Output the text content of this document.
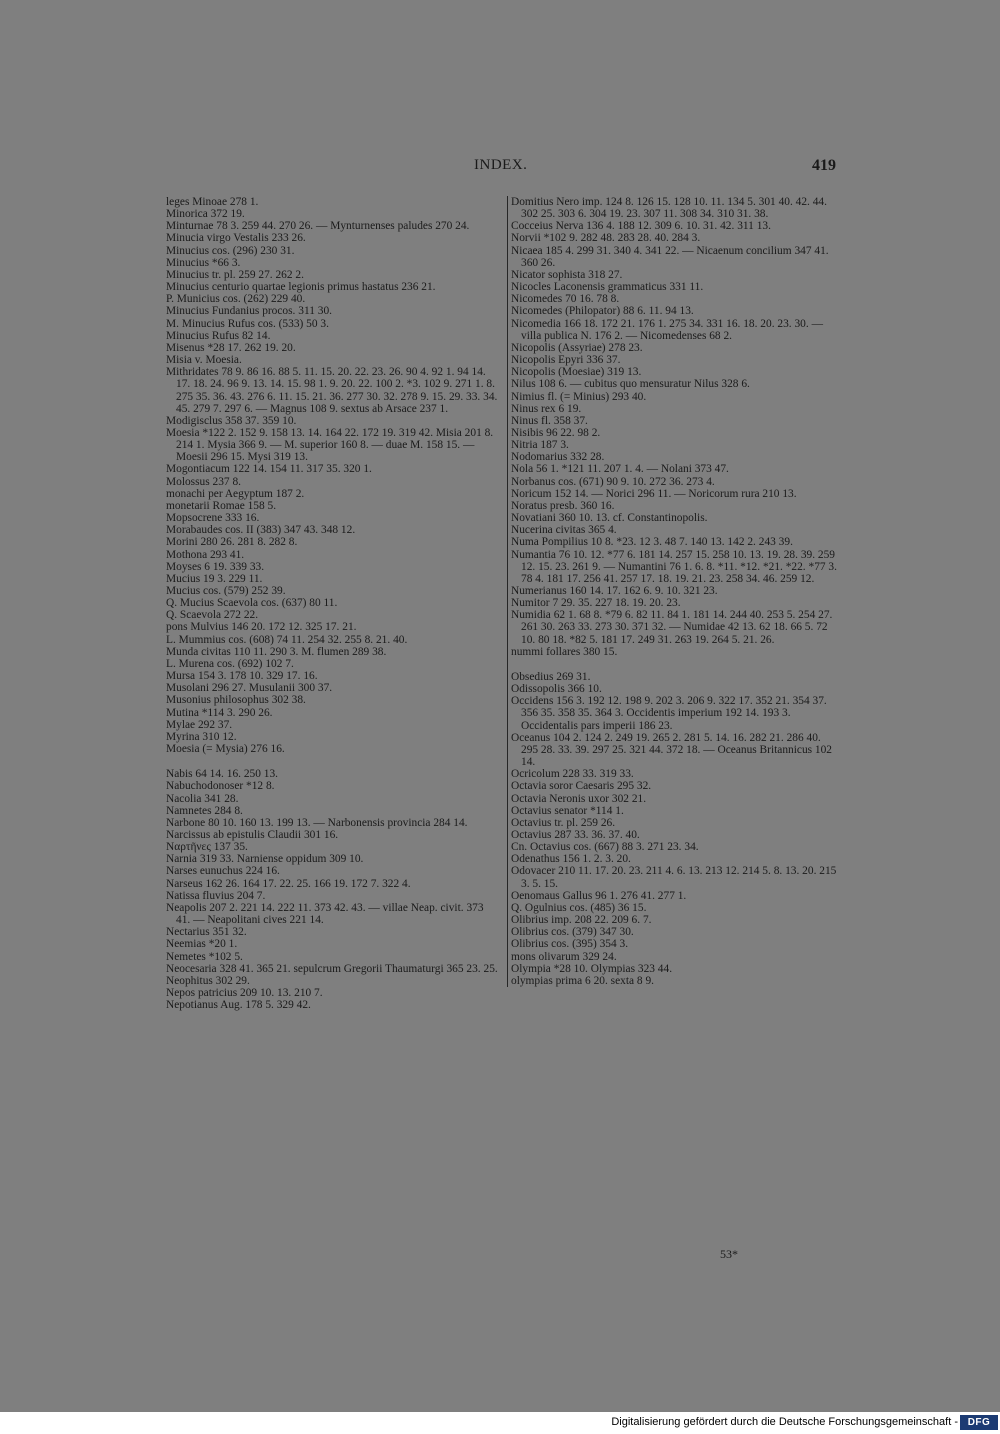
INDEX.	419
leges Minoae 278 1.
Minorica 372 19.
Minturnae 78 3. 259 44. 270 26. — Mynturnenses paludes 270 24.
Minucia virgo Vestalis 233 26.
Minucius cos. (296) 230 31.
Minucius *66 3.
Minucius tr. pl. 259 27. 262 2.
Minucius centurio quartae legionis primus hastatus 236 21.
P. Municius cos. (262) 229 40.
Minucius Fundanius procos. 311 30.
M. Minucius Rufus cos. (533) 50 3.
Minucius Rufus 82 14.
Misenus *28 17. 262 19. 20.
Misia v. Moesia.
Mithridates 78 9. 86 16. 88 5. 11. 15. 20. 22. 23. 26. 90 4. 92 1. 94 14. 17. 18. 24. 96 9. 13. 14. 15. 98 1. 9. 20. 22. 100 2. *3. 102 9. 271 1. 8. 275 35. 36. 43. 276 6. 11. 15. 21. 36. 277 30. 32. 278 9. 15. 29. 33. 34. 45. 279 7. 297 6. — Magnus 108 9. sextus ab Arsace 237 1.
Modigisclus 358 37. 359 10.
Moesia *122 2. 152 9. 158 13. 14. 164 22. 172 19. 319 42. Misia 201 8. 214 1. Mysia 366 9. — M. superior 160 8. — duae M. 158 15. — Moesii 296 15. Mysi 319 13.
Mogontiacum 122 14. 154 11. 317 35. 320 1.
Molossus 237 8.
monachi per Aegyptum 187 2.
monetarii Romae 158 5.
Mopsocrene 333 16.
Morabaudes cos. II (383) 347 43. 348 12.
Morini 280 26. 281 8. 282 8.
Mothona 293 41.
Moyses 6 19. 339 33.
Mucius 19 3. 229 11.
Mucius cos. (579) 252 39.
Q. Mucius Scaevola cos. (637) 80 11.
Q. Scaevola 272 22.
pons Mulvius 146 20. 172 12. 325 17. 21.
L. Mummius cos. (608) 74 11. 254 32. 255 8. 21. 40.
Munda civitas 110 11. 290 3. M. flumen 289 38.
L. Murena cos. (692) 102 7.
Mursa 154 3. 178 10. 329 17. 16.
Musolani 296 27. Musulanii 300 37.
Musonius philosophus 302 38.
Mutina *114 3. 290 26.
Mylae 292 37.
Myrina 310 12.
Moesia (= Mysia) 276 16.
Nabis 64 14. 16. 250 13.
Nabuchodonoser *12 8.
Nacolia 341 28.
Namnetes 284 8.
Narbone 80 10. 160 13. 199 13. — Narbonensis provincia 284 14.
Narcissus ab epistulis Claudii 301 16.
Ναρτῆνες 137 35.
Narnia 319 33. Narniense oppidum 309 10.
Narses eunuchus 224 16.
Narseus 162 26. 164 17. 22. 25. 166 19. 172 7. 322 4.
Natissa fluvius 204 7.
Neapolis 207 2. 221 14. 222 11. 373 42. 43. — villae Neap. civit. 373 41. — Neapolitani cives 221 14.
Nectarius 351 32.
Neemias *20 1.
Nemetes *102 5.
Neocesaria 328 41. 365 21. sepulcrum Gregorii Thaumaturgi 365 23. 25.
Neophitus 302 29.
Nepos patricius 209 10. 13. 210 7.
Nepotianus Aug. 178 5. 329 42.
Domitius Nero imp. 124 8. 126 15. 128 10. 11. 134 5. 301 40. 42. 44. 302 25. 303 6. 304 19. 23. 307 11. 308 34. 310 31. 38.
Cocceius Nerva 136 4. 188 12. 309 6. 10. 31. 42. 311 13.
Norvii *102 9. 282 48. 283 28. 40. 284 3.
Nicaea 185 4. 299 31. 340 4. 341 22. — Nicaenum concilium 347 41. 360 26.
Nicator sophista 318 27.
Nicocles Laconensis grammaticus 331 11.
Nicomedes 70 16. 78 8.
Nicomedes (Philopator) 88 6. 11. 94 13.
Nicomedia 166 18. 172 21. 176 1. 275 34. 331 16. 18. 20. 23. 30. — villa publica N. 176 2. — Nicomedenses 68 2.
Nicopolis (Assyriae) 278 23.
Nicopolis Epyri 336 37.
Nicopolis (Moesiae) 319 13.
Nilus 108 6. — cubitus quo mensuratur Nilus 328 6.
Nimius fl. (= Minius) 293 40.
Ninus rex 6 19.
Ninus fl. 358 37.
Nisibis 96 22. 98 2.
Nitria 187 3.
Nodomarius 332 28.
Nola 56 1. *121 11. 207 1. 4. — Nolani 373 47.
Norbanus cos. (671) 90 9. 10. 272 36. 273 4.
Noricum 152 14. — Norici 296 11. — Noricorum rura 210 13.
Noratus presb. 360 16.
Novatiani 360 10. 13. cf. Constantinopolis.
Nucerina civitas 365 4.
Numa Pompilius 10 8. *23. 12 3. 48 7. 140 13. 142 2. 243 39.
Numantia 76 10. 12. *77 6. 181 14. 257 15. 258 10. 13. 19. 28. 39. 259 12. 15. 23. 261 9. — Numantini 76 1. 6. 8. *11. *12. *21. *22. *77 3. 78 4. 181 17. 256 41. 257 17. 18. 19. 21. 23. 258 34. 46. 259 12.
Numerianus 160 14. 17. 162 6. 9. 10. 321 23.
Numitor 7 29. 35. 227 18. 19. 20. 23.
Numidia 62 1. 68 8. *79 6. 82 11. 84 1. 181 14. 244 40. 253 5. 254 27. 261 30. 263 33. 273 30. 371 32. — Numidae 42 13. 62 18. 66 5. 72 10. 80 18. *82 5. 181 17. 249 31. 263 19. 264 5. 21. 26.
nummi follares 380 15.
Obsedius 269 31.
Odissopolis 366 10.
Occidens 156 3. 192 12. 198 9. 202 3. 206 9. 322 17. 352 21. 354 37. 356 35. 358 35. 364 3. Occidentis imperium 192 14. 193 3. Occidentalis pars imperii 186 23.
Oceanus 104 2. 124 2. 249 19. 265 2. 281 5. 14. 16. 282 21. 286 40. 295 28. 33. 39. 297 25. 321 44. 372 18. — Oceanus Britannicus 102 14.
Ocricolum 228 33. 319 33.
Octavia soror Caesaris 295 32.
Octavia Neronis uxor 302 21.
Octavius senator *114 1.
Octavius tr. pl. 259 26.
Octavius 287 33. 36. 37. 40.
Cn. Octavius cos. (667) 88 3. 271 23. 34.
Odenathus 156 1. 2. 3. 20.
Odovacer 210 11. 17. 20. 23. 211 4. 6. 13. 213 12. 214 5. 8. 13. 20. 215 3. 5. 15.
Oenomaus Gallus 96 1. 276 41. 277 1.
Q. Ogulnius cos. (485) 36 15.
Olibrius imp. 208 22. 209 6. 7.
Olibrius cos. (379) 347 30.
Olibrius cos. (395) 354 3.
mons olivarum 329 24.
Olympia *28 10. Olympias 323 44.
olympias prima 6 20. sexta 8 9.
53*
Digitalisierung gefördert durch die Deutsche Forschungsgemeinschaft - DFG
